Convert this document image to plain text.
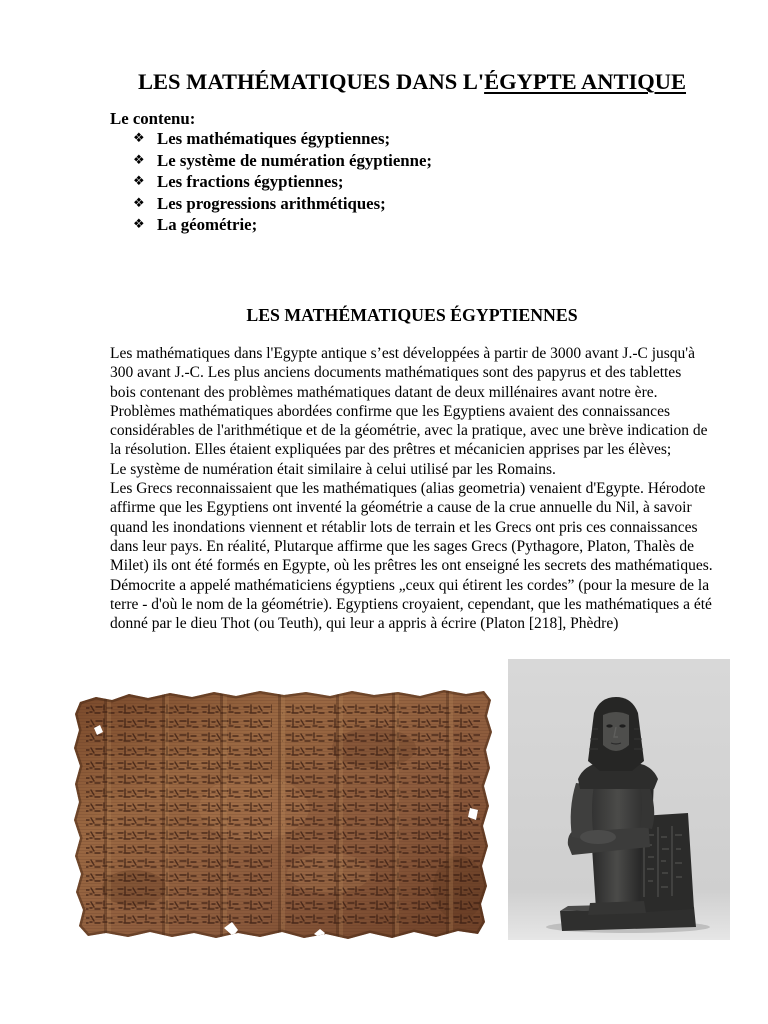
LES MATHÉMATIQUES DANS L'ÉGYPTE ANTIQUE
Le contenu:
❖
Les mathématiques égyptiennes;
❖
Le système de numération égyptienne;
❖
Les fractions égyptiennes;
❖
Les progressions arithmétiques;
❖
La géométrie;
LES MATHÉMATIQUES ÉGYPTIENNES
Les mathématiques dans l'Egypte antique s’est développées à partir de 3000 avant J.-C jusqu'à
300 avant J.-C. Les plus anciens documents mathématiques sont des papyrus et des tablettes
bois contenant des problèmes mathématiques datant de deux millénaires avant notre ère.
Problèmes mathématiques abordées confirme que les Egyptiens avaient des connaissances
considérables de l'arithmétique et de la géométrie, avec la pratique, avec une brève indication de
la résolution. Elles étaient expliquées par des prêtres et mécanicien apprises par les élèves;
Le système de numération était similaire à celui utilisé par les Romains.
Les Grecs reconnaissaient que les mathématiques (alias geometria) venaient d'Egypte. Hérodote
affirme que les Egyptiens ont inventé la géométrie a cause de la crue annuelle du Nil, à savoir
quand les inondations viennent et rétablir lots de terrain et les Grecs ont pris ces connaissances
dans leur pays. En réalité, Plutarque affirme que les sages Grecs (Pythagore, Platon, Thalès de
Milet) ils ont été formés en Egypte, où les prêtres les ont enseigné les secrets des mathématiques.
Démocrite a appelé mathématiciens égyptiens „ceux qui étirent les cordes” (pour la mesure de la
terre - d'où le nom de la géométrie). Egyptiens croyaient, cependant, que les mathématiques a été
donné par le dieu Thot (ou Teuth), qui leur a appris à écrire (Platon [218], Phèdre)
